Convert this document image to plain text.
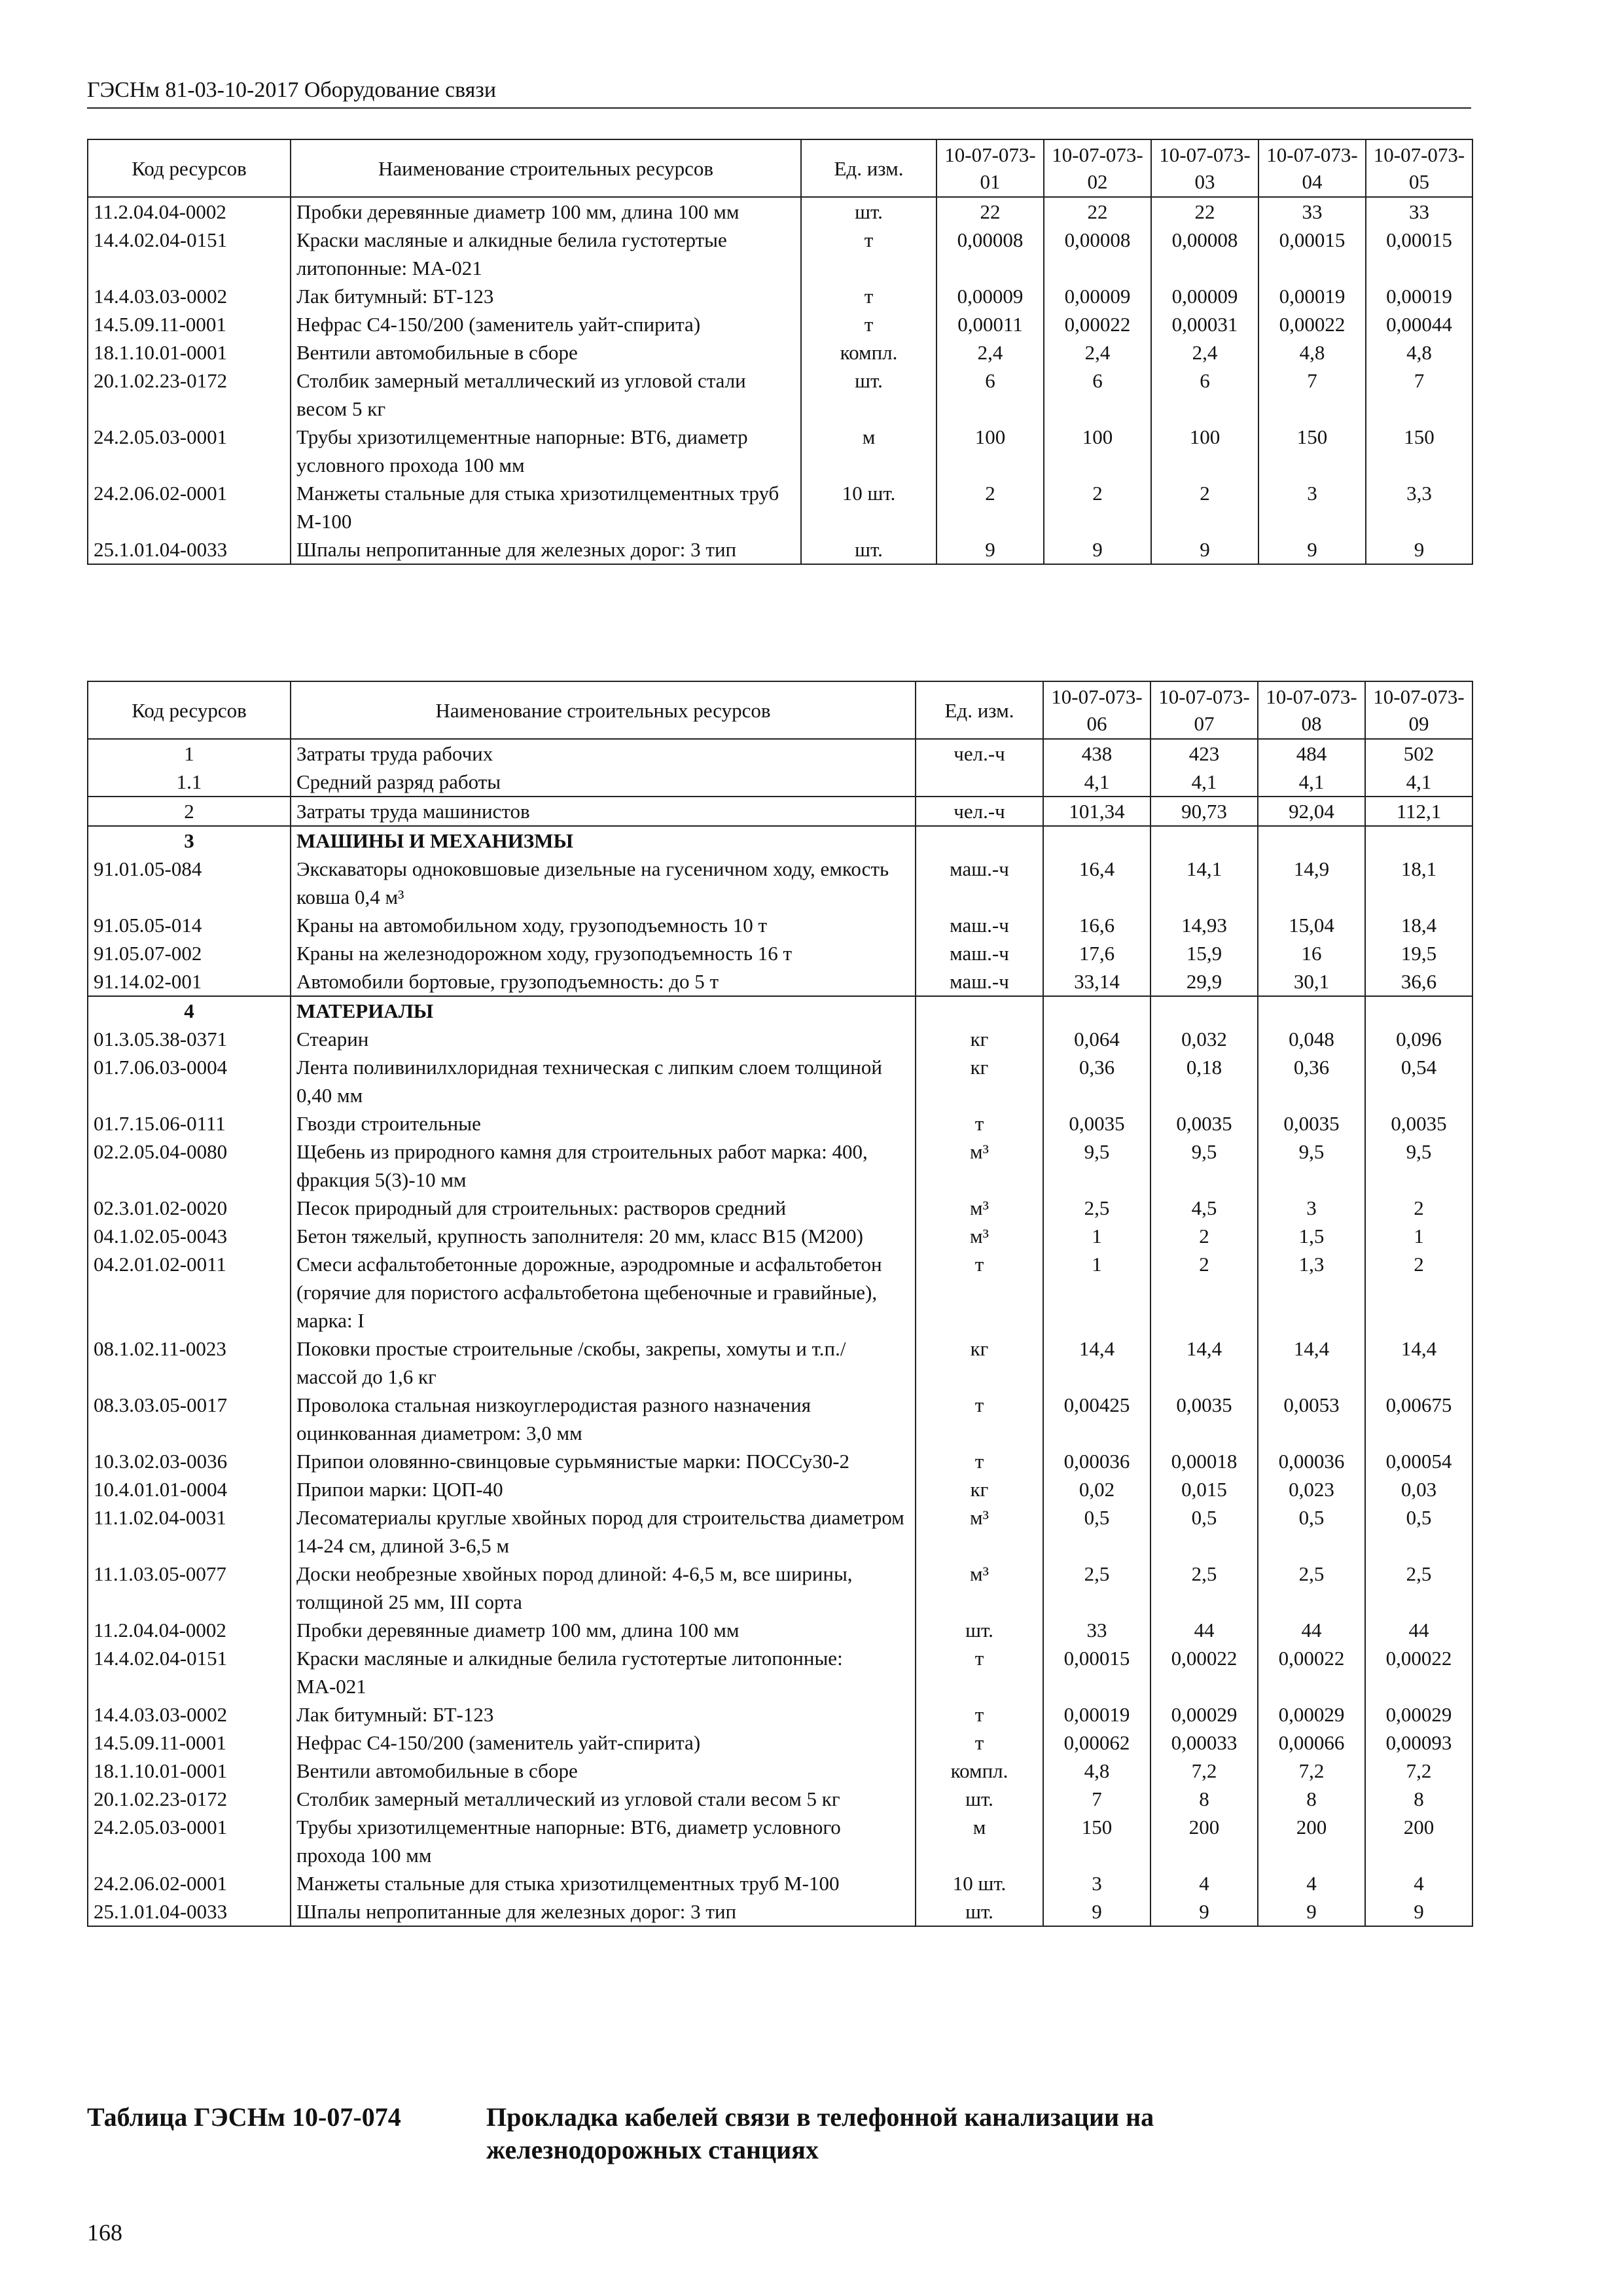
ГЭСНм 81-03-10-2017 Оборудование связи
Код ресурсов	Наименование строительных ресурсов	Ед. изм.	10-07-073-01	10-07-073-02	10-07-073-03	10-07-073-04	10-07-073-05
11.2.04.04-0002	Пробки деревянные диаметр 100 мм, длина 100 мм	шт.	22	22	22	33	33
14.4.02.04-0151	Краски масляные и алкидные белила густотертые литопонные: МА-021	т	0,00008	0,00008	0,00008	0,00015	0,00015
14.4.03.03-0002	Лак битумный: БТ-123	т	0,00009	0,00009	0,00009	0,00019	0,00019
14.5.09.11-0001	Нефрас С4-150/200 (заменитель уайт-спирита)	т	0,00011	0,00022	0,00031	0,00022	0,00044
18.1.10.01-0001	Вентили автомобильные в сборе	компл.	2,4	2,4	2,4	4,8	4,8
20.1.02.23-0172	Столбик замерный металлический из угловой стали весом 5 кг	шт.	6	6	6	7	7
24.2.05.03-0001	Трубы хризотилцементные напорные: ВТ6, диаметр условного прохода 100 мм	м	100	100	100	150	150
24.2.06.02-0001	Манжеты стальные для стыка хризотилцементных труб М-100	10 шт.	2	2	2	3	3,3
25.1.01.04-0033	Шпалы непропитанные для железных дорог: 3 тип	шт.	9	9	9	9	9
Код ресурсов	Наименование строительных ресурсов	Ед. изм.	10-07-073-06	10-07-073-07	10-07-073-08	10-07-073-09
1	Затраты труда рабочих	чел.-ч	438	423	484	502
1.1	Средний разряд работы		4,1	4,1	4,1	4,1
2	Затраты труда машинистов	чел.-ч	101,34	90,73	92,04	112,1
3	МАШИНЫ И МЕХАНИЗМЫ					
91.01.05-084	Экскаваторы одноковшовые дизельные на гусеничном ходу, емкость ковша 0,4 м³	маш.-ч	16,4	14,1	14,9	18,1
91.05.05-014	Краны на автомобильном ходу, грузоподъемность 10 т	маш.-ч	16,6	14,93	15,04	18,4
91.05.07-002	Краны на железнодорожном ходу, грузоподъемность 16 т	маш.-ч	17,6	15,9	16	19,5
91.14.02-001	Автомобили бортовые, грузоподъемность: до 5 т	маш.-ч	33,14	29,9	30,1	36,6
4	МАТЕРИАЛЫ					
01.3.05.38-0371	Стеарин	кг	0,064	0,032	0,048	0,096
01.7.06.03-0004	Лента поливинилхлоридная техническая с липким слоем толщиной 0,40 мм	кг	0,36	0,18	0,36	0,54
01.7.15.06-0111	Гвозди строительные	т	0,0035	0,0035	0,0035	0,0035
02.2.05.04-0080	Щебень из природного камня для строительных работ марка: 400, фракция 5(3)-10 мм	м³	9,5	9,5	9,5	9,5
02.3.01.02-0020	Песок природный для строительных: растворов средний	м³	2,5	4,5	3	2
04.1.02.05-0043	Бетон тяжелый, крупность заполнителя: 20 мм, класс В15 (М200)	м³	1	2	1,5	1
04.2.01.02-0011	Смеси асфальтобетонные дорожные, аэродромные и асфальтобетон (горячие для пористого асфальтобетона щебеночные и гравийные), марка: I	т	1	2	1,3	2
08.1.02.11-0023	Поковки простые строительные /скобы, закрепы, хомуты и т.п./ массой до 1,6 кг	кг	14,4	14,4	14,4	14,4
08.3.03.05-0017	Проволока стальная низкоуглеродистая разного назначения оцинкованная диаметром: 3,0 мм	т	0,00425	0,0035	0,0053	0,00675
10.3.02.03-0036	Припои оловянно-свинцовые сурьмянистые марки: ПОССу30-2	т	0,00036	0,00018	0,00036	0,00054
10.4.01.01-0004	Припои марки: ЦОП-40	кг	0,02	0,015	0,023	0,03
11.1.02.04-0031	Лесоматериалы круглые хвойных пород для строительства диаметром 14-24 см, длиной 3-6,5 м	м³	0,5	0,5	0,5	0,5
11.1.03.05-0077	Доски необрезные хвойных пород длиной: 4-6,5 м, все ширины, толщиной 25 мм, III сорта	м³	2,5	2,5	2,5	2,5
11.2.04.04-0002	Пробки деревянные диаметр 100 мм, длина 100 мм	шт.	33	44	44	44
14.4.02.04-0151	Краски масляные и алкидные белила густотертые литопонные: МА-021	т	0,00015	0,00022	0,00022	0,00022
14.4.03.03-0002	Лак битумный: БТ-123	т	0,00019	0,00029	0,00029	0,00029
14.5.09.11-0001	Нефрас С4-150/200 (заменитель уайт-спирита)	т	0,00062	0,00033	0,00066	0,00093
18.1.10.01-0001	Вентили автомобильные в сборе	компл.	4,8	7,2	7,2	7,2
20.1.02.23-0172	Столбик замерный металлический из угловой стали весом 5 кг	шт.	7	8	8	8
24.2.05.03-0001	Трубы хризотилцементные напорные: ВТ6, диаметр условного прохода 100 мм	м	150	200	200	200
24.2.06.02-0001	Манжеты стальные для стыка хризотилцементных труб М-100	10 шт.	3	4	4	4
25.1.01.04-0033	Шпалы непропитанные для железных дорог: 3 тип	шт.	9	9	9	9
Таблица ГЭСНм 10-07-074	Прокладка кабелей связи в телефонной канализации на железнодорожных станциях
168
